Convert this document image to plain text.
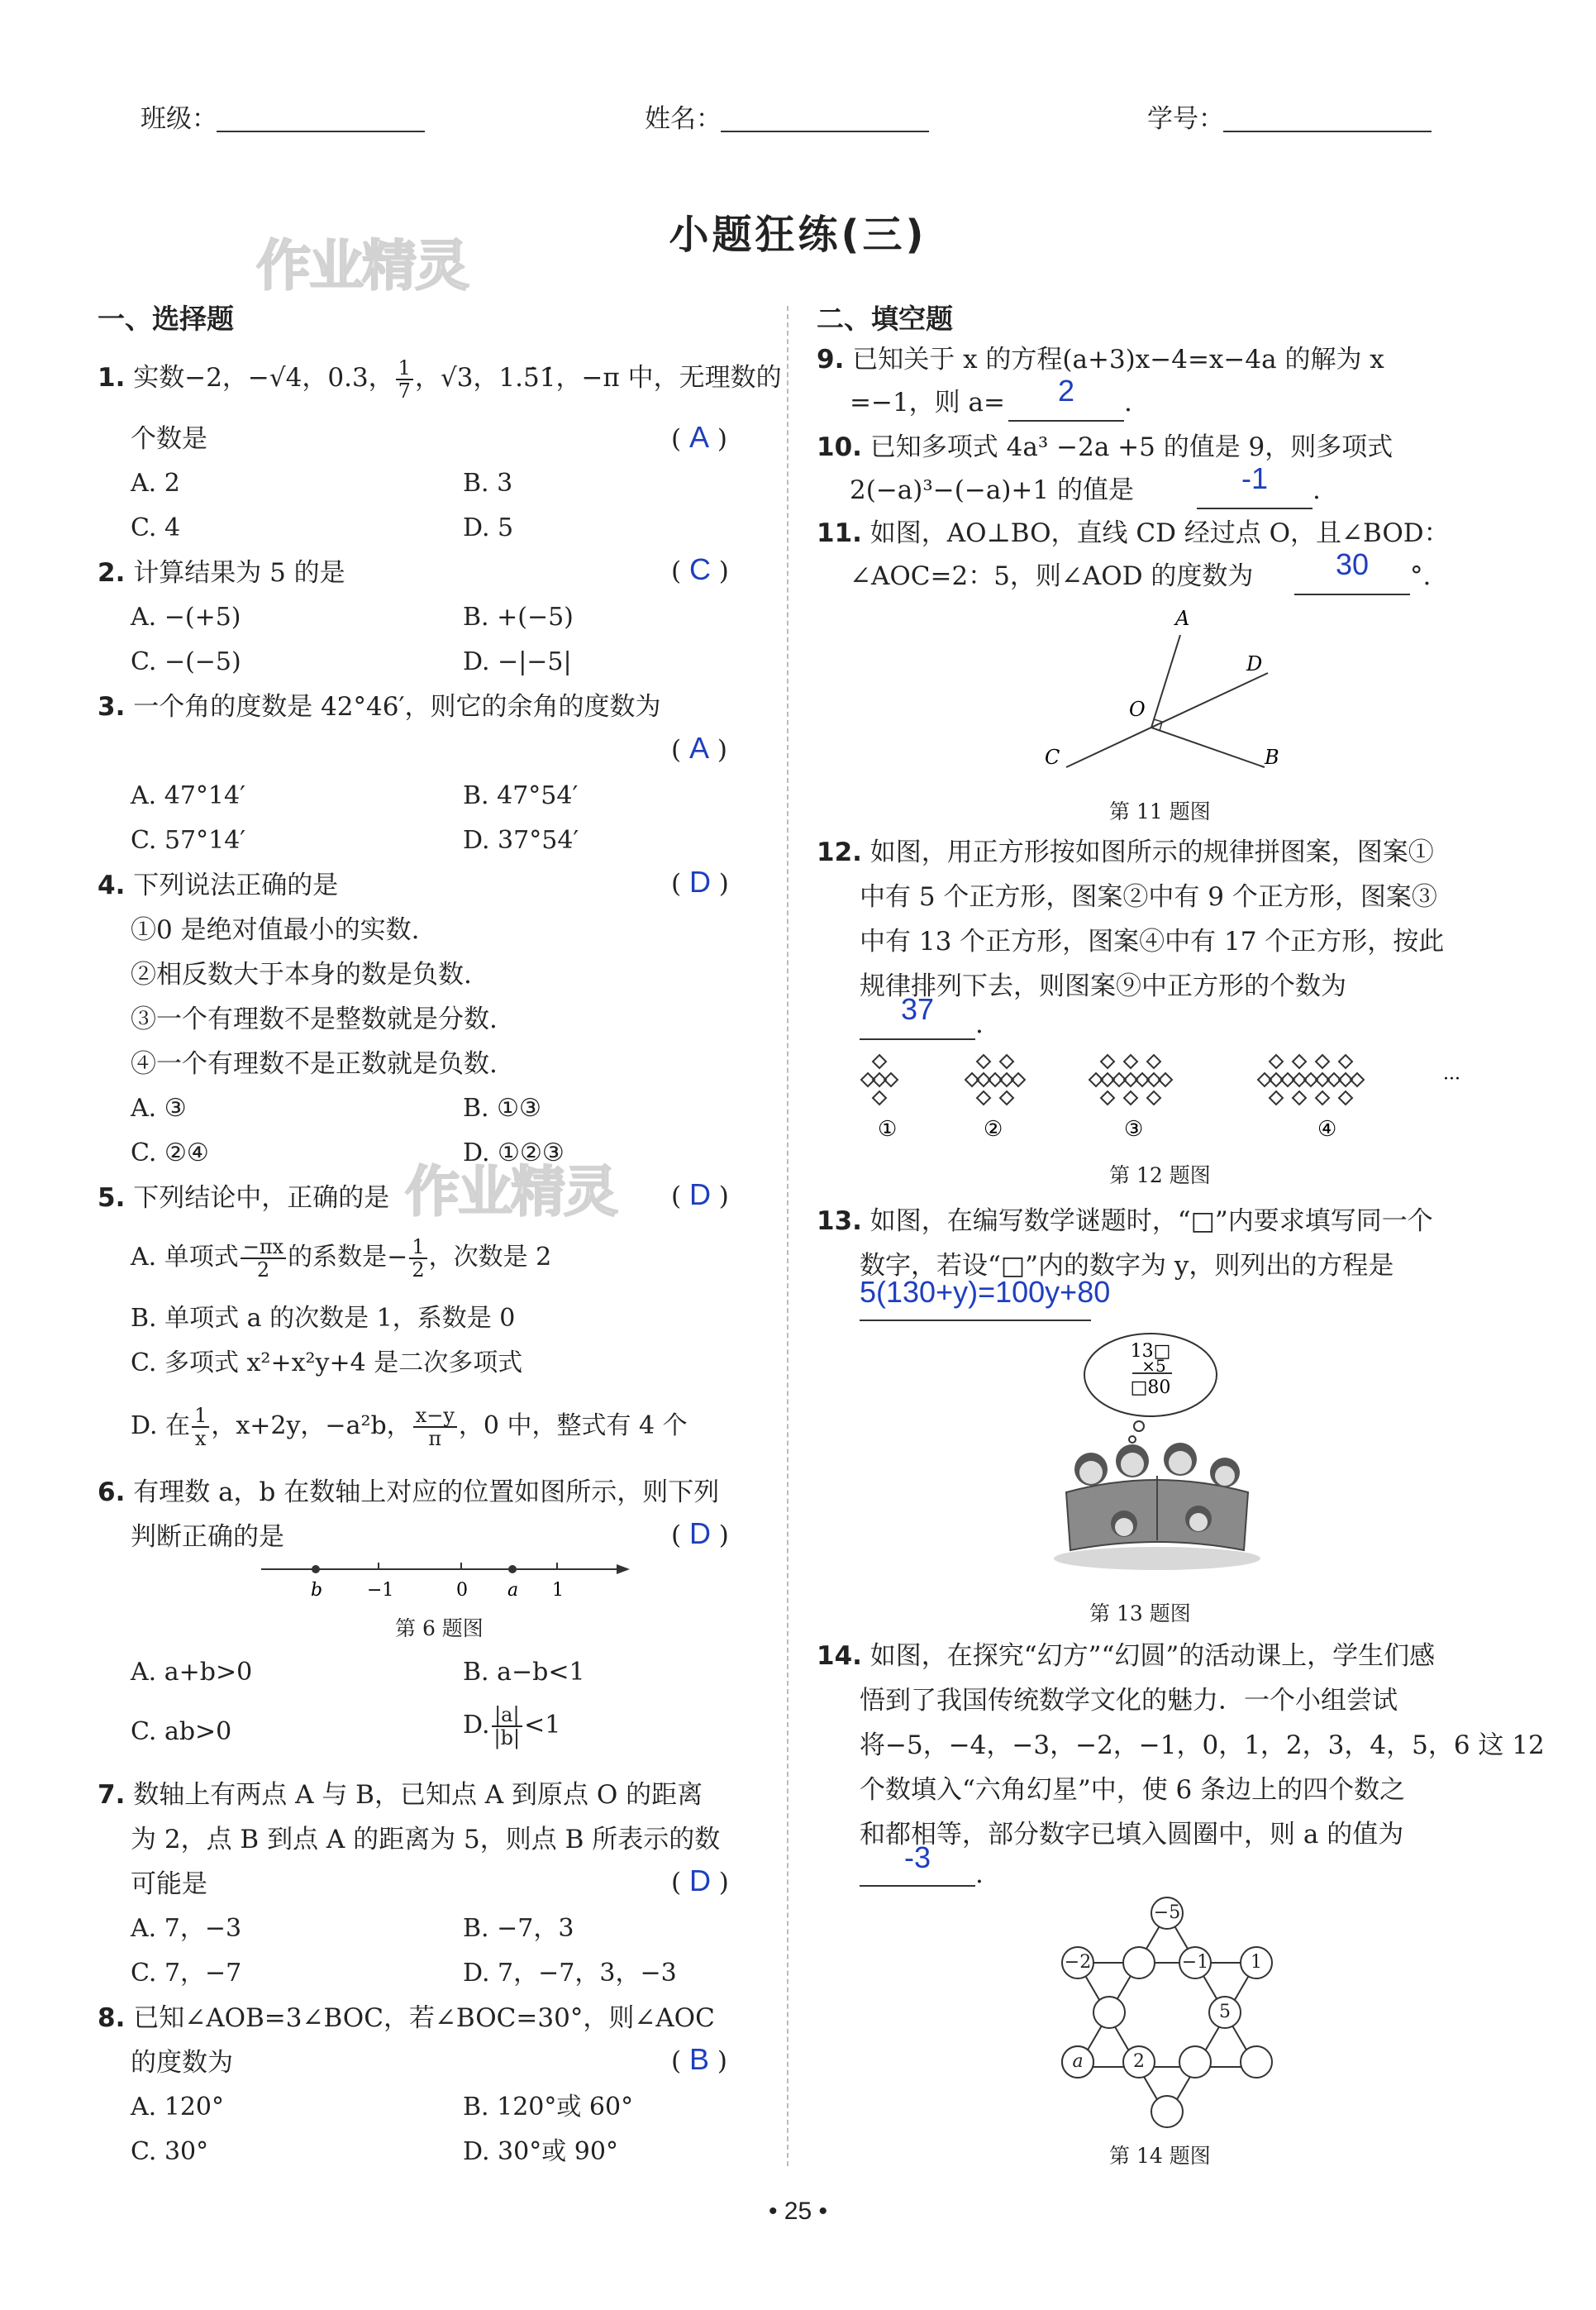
班级：	姓名：	学号：
作业精灵	小题狂练(三)
作业精灵
一、选择题
1. 实数−2，−√4，0.3， $\frac{1}{7}$ ，√3，1.5̇1̇，−π 中，无理数的
个数是	( A )
A. 2	B. 3
C. 4	D. 5
2. 计算结果为 5 的是	( C )
A. −(+5)	B. +(−5)
C. −(−5)	D. −|−5|
3. 一个角的度数是 42°46′，则它的余角的度数为
( A )
A. 47°14′	B. 47°54′
C. 57°14′	D. 37°54′
4. 下列说法正确的是	( D )
①0 是绝对值最小的实数.
②相反数大于本身的数是负数.
③一个有理数不是整数就是分数.
④一个有理数不是正数就是负数.
A. ③	B. ①③
C. ②④	D. ①②③
5. 下列结论中，正确的是	( D )
A. 单项式 $\frac{-\pi x}{2}$ 的系数是− $\frac{1}{2}$ ，次数是 2
B. 单项式 a 的次数是 1，系数是 0
C. 多项式 x²+x²y+4 是二次多项式
D. 在 $\frac{1}{x}$ ，x+2y，−a²b， $\frac{x-y}{\pi}$ ，0 中，整式有 4 个
6. 有理数 a，b 在数轴上对应的位置如图所示，则下列
判断正确的是	( D )
b −1	0 a 1
第 6 题图
A. a+b>0	B. a−b<1
C. ab>0	D. $\frac{|a|}{|b|} <1$
7. 数轴上有两点 A 与 B，已知点 A 到原点 O 的距离
为 2，点 B 到点 A 的距离为 5，则点 B 所表示的数
可能是	( D )
A. 7，−3	B. −7，3
C. 7，−7	D. 7，−7，3，−3
8. 已知∠AOB=3∠BOC，若∠BOC=30°，则∠AOC
的度数为	( B )
A. 120°	B. 120°或 60°
C. 30°	D. 30°或 90°
二、填空题
9. 已知关于 x 的方程(a+3)x−4=x−4a 的解为 x
=−1，则 a=	2	.
10. 已知多项式 4a³ −2a +5 的值是 9，则多项式
2(−a)³−(−a)+1 的值是	-1	.
11. 如图，AO⊥BO，直线 CD 经过点 O，且∠BOD：
∠AOC=2：5，则∠AOD 的度数为	30	°.
A
D
O
C	B
第 11 题图
12. 如图，用正方形按如图所示的规律拼图案，图案①
中有 5 个正方形，图案②中有 9 个正方形，图案③
中有 13 个正方形，图案④中有 17 个正方形，按此
规律排列下去，则图案⑨中正方形的个数为
37	.
①	②	③	④
···
第 12 题图
13. 如图，在编写数学谜题时，“□”内要求填写同一个
数字，若设“□”内的数字为 y，则列出的方程是
5(130+y)=100y+80
13□
×5
□80
第 13 题图
14. 如图，在探究“幻方”“幻圆”的活动课上，学生们感
悟到了我国传统数学文化的魅力．一个小组尝试
将−5，−4，−3，−2，−1，0，1，2，3，4，5，6 这 12
个数填入“六角幻星”中，使 6 条边上的四个数之
和都相等，部分数字已填入圆圈中，则 a 的值为
-3	.
−5
−2	−1	1
5
a	2
第 14 题图
• 25 •
